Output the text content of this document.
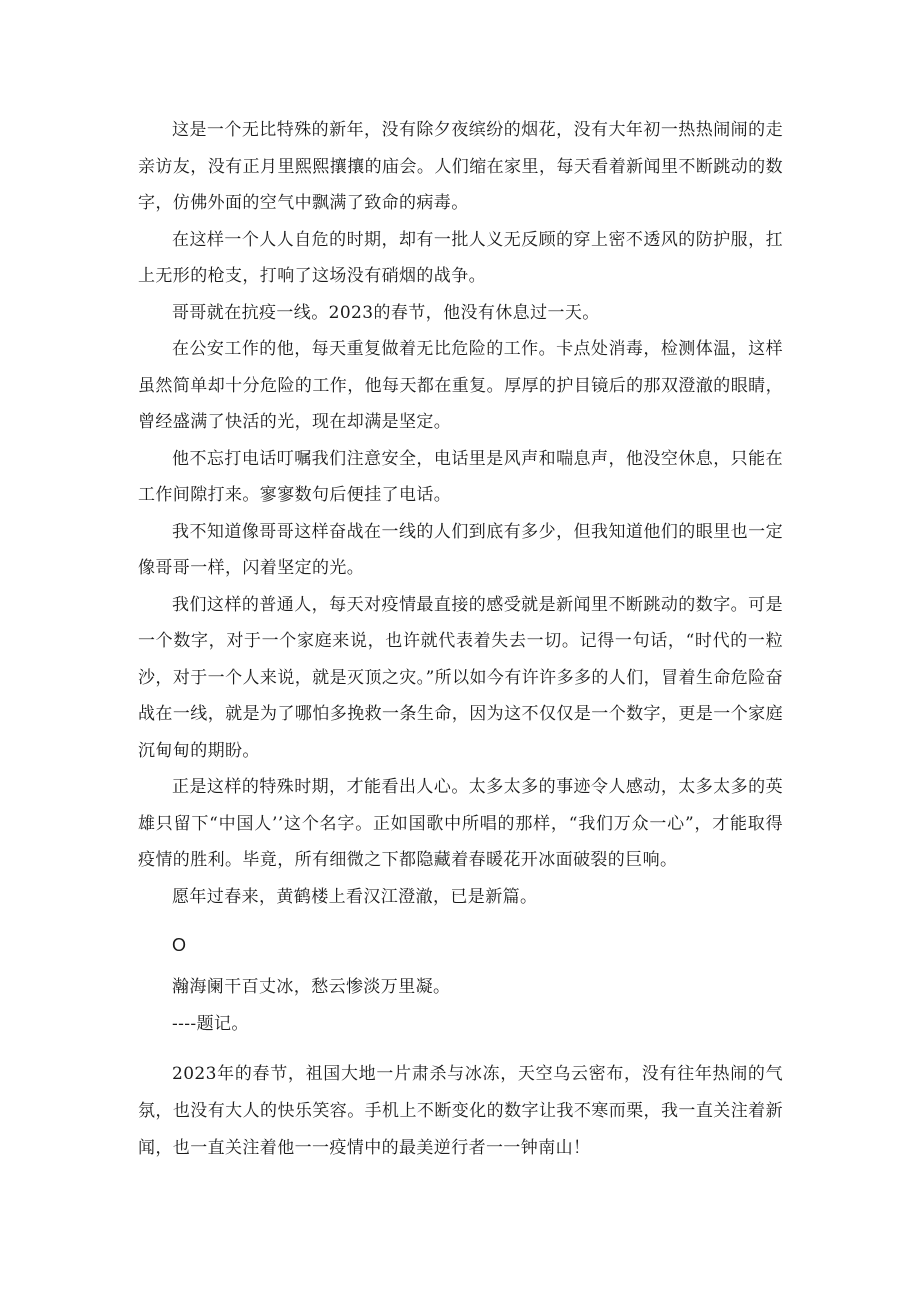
这是一个无比特殊的新年，没有除夕夜缤纷的烟花，没有大年初一热热闹闹的走亲访友，没有正月里熙熙攘攘的庙会。人们缩在家里，每天看着新闻里不断跳动的数字，仿佛外面的空气中飘满了致命的病毒。

在这样一个人人自危的时期，却有一批人义无反顾的穿上密不透风的防护服，扛上无形的枪支，打响了这场没有硝烟的战争。

哥哥就在抗疫一线。2023的春节，他没有休息过一天。

在公安工作的他，每天重复做着无比危险的工作。卡点处消毒，检测体温，这样虽然简单却十分危险的工作，他每天都在重复。厚厚的护目镜后的那双澄澈的眼睛，曾经盛满了快活的光，现在却满是坚定。

他不忘打电话叮嘱我们注意安全，电话里是风声和喘息声，他没空休息，只能在工作间隙打来。寥寥数句后便挂了电话。

我不知道像哥哥这样奋战在一线的人们到底有多少，但我知道他们的眼里也一定像哥哥一样，闪着坚定的光。

我们这样的普通人，每天对疫情最直接的感受就是新闻里不断跳动的数字。可是一个数字，对于一个家庭来说，也许就代表着失去一切。记得一句话，“时代的一粒沙，对于一个人来说，就是灭顶之灾。”所以如今有许许多多的人们，冒着生命危险奋战在一线，就是为了哪怕多挽救一条生命，因为这不仅仅是一个数字，更是一个家庭沉甸甸的期盼。

正是这样的特殊时期，才能看出人心。太多太多的事迹令人感动，太多太多的英雄只留下“中国人’’这个名字。正如国歌中所唱的那样，“我们万众一心”，才能取得疫情的胜利。毕竟，所有细微之下都隐藏着春暖花开冰面破裂的巨响。

愿年过春来，黄鹤楼上看汉江澄澈，已是新篇。

O

瀚海阑干百丈冰，愁云惨淡万里凝。

----题记。

2023年的春节，祖国大地一片肃杀与冰冻，天空乌云密布，没有往年热闹的气氛，也没有大人的快乐笑容。手机上不断变化的数字让我不寒而栗，我一直关注着新闻，也一直关注着他一一疫情中的最美逆行者一一钟南山！
